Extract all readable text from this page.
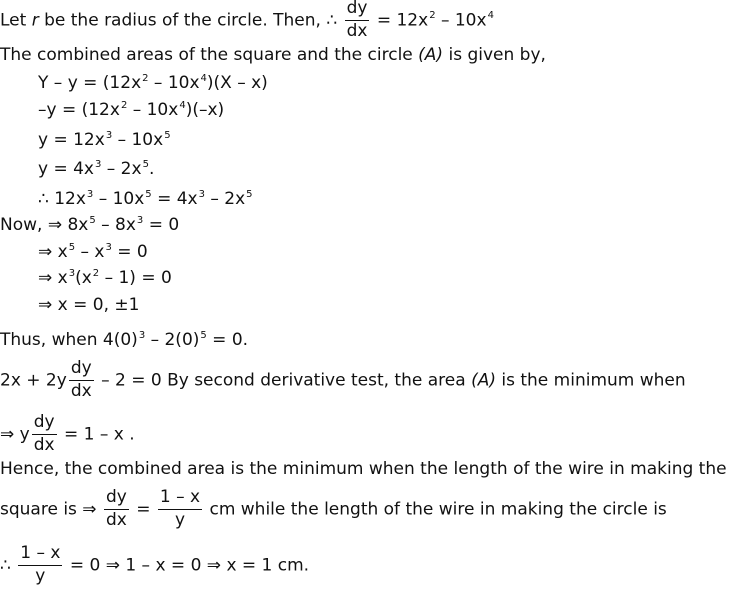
Let r be the radius of the circle. Then, ∴ $\frac{dy}{dx} = 12x^2 - 10x^4$
The combined areas of the square and the circle (A) is given by,
$Y - y = (12x^2 - 10x^4)(X - x)$
$-y = (12x^2 - 10x^4)(-x)$
$y = 12x^3 - 10x^5$
$y = 4x^3 - 2x^5$.
∴ $12x^3 - 10x^5 = 4x^3 - 2x^5$
Now, ⇒ $8x^5 - 8x^3 = 0$
⇒ $x^5 - x^3 = 0$
⇒ $x^3(x^2 - 1) = 0$
⇒ x = 0, ±1
Thus, when $4(0)^3 - 2(0)^5 = 0$.
$2x + 2y \frac{dy}{dx} - 2 = 0$ By second derivative test, the area (A) is the minimum when
⇒ y $\frac{dy}{dx} = 1 - x$ .
Hence, the combined area is the minimum when the length of the wire in making the
square is ⇒ $\frac{dy}{dx} = \frac{1 - x}{y}$ cm while the length of the wire in making the circle is
∴ $\frac{1 - x}{y} = 0$ ⇒ 1 – x = 0 ⇒ x = 1 cm.
